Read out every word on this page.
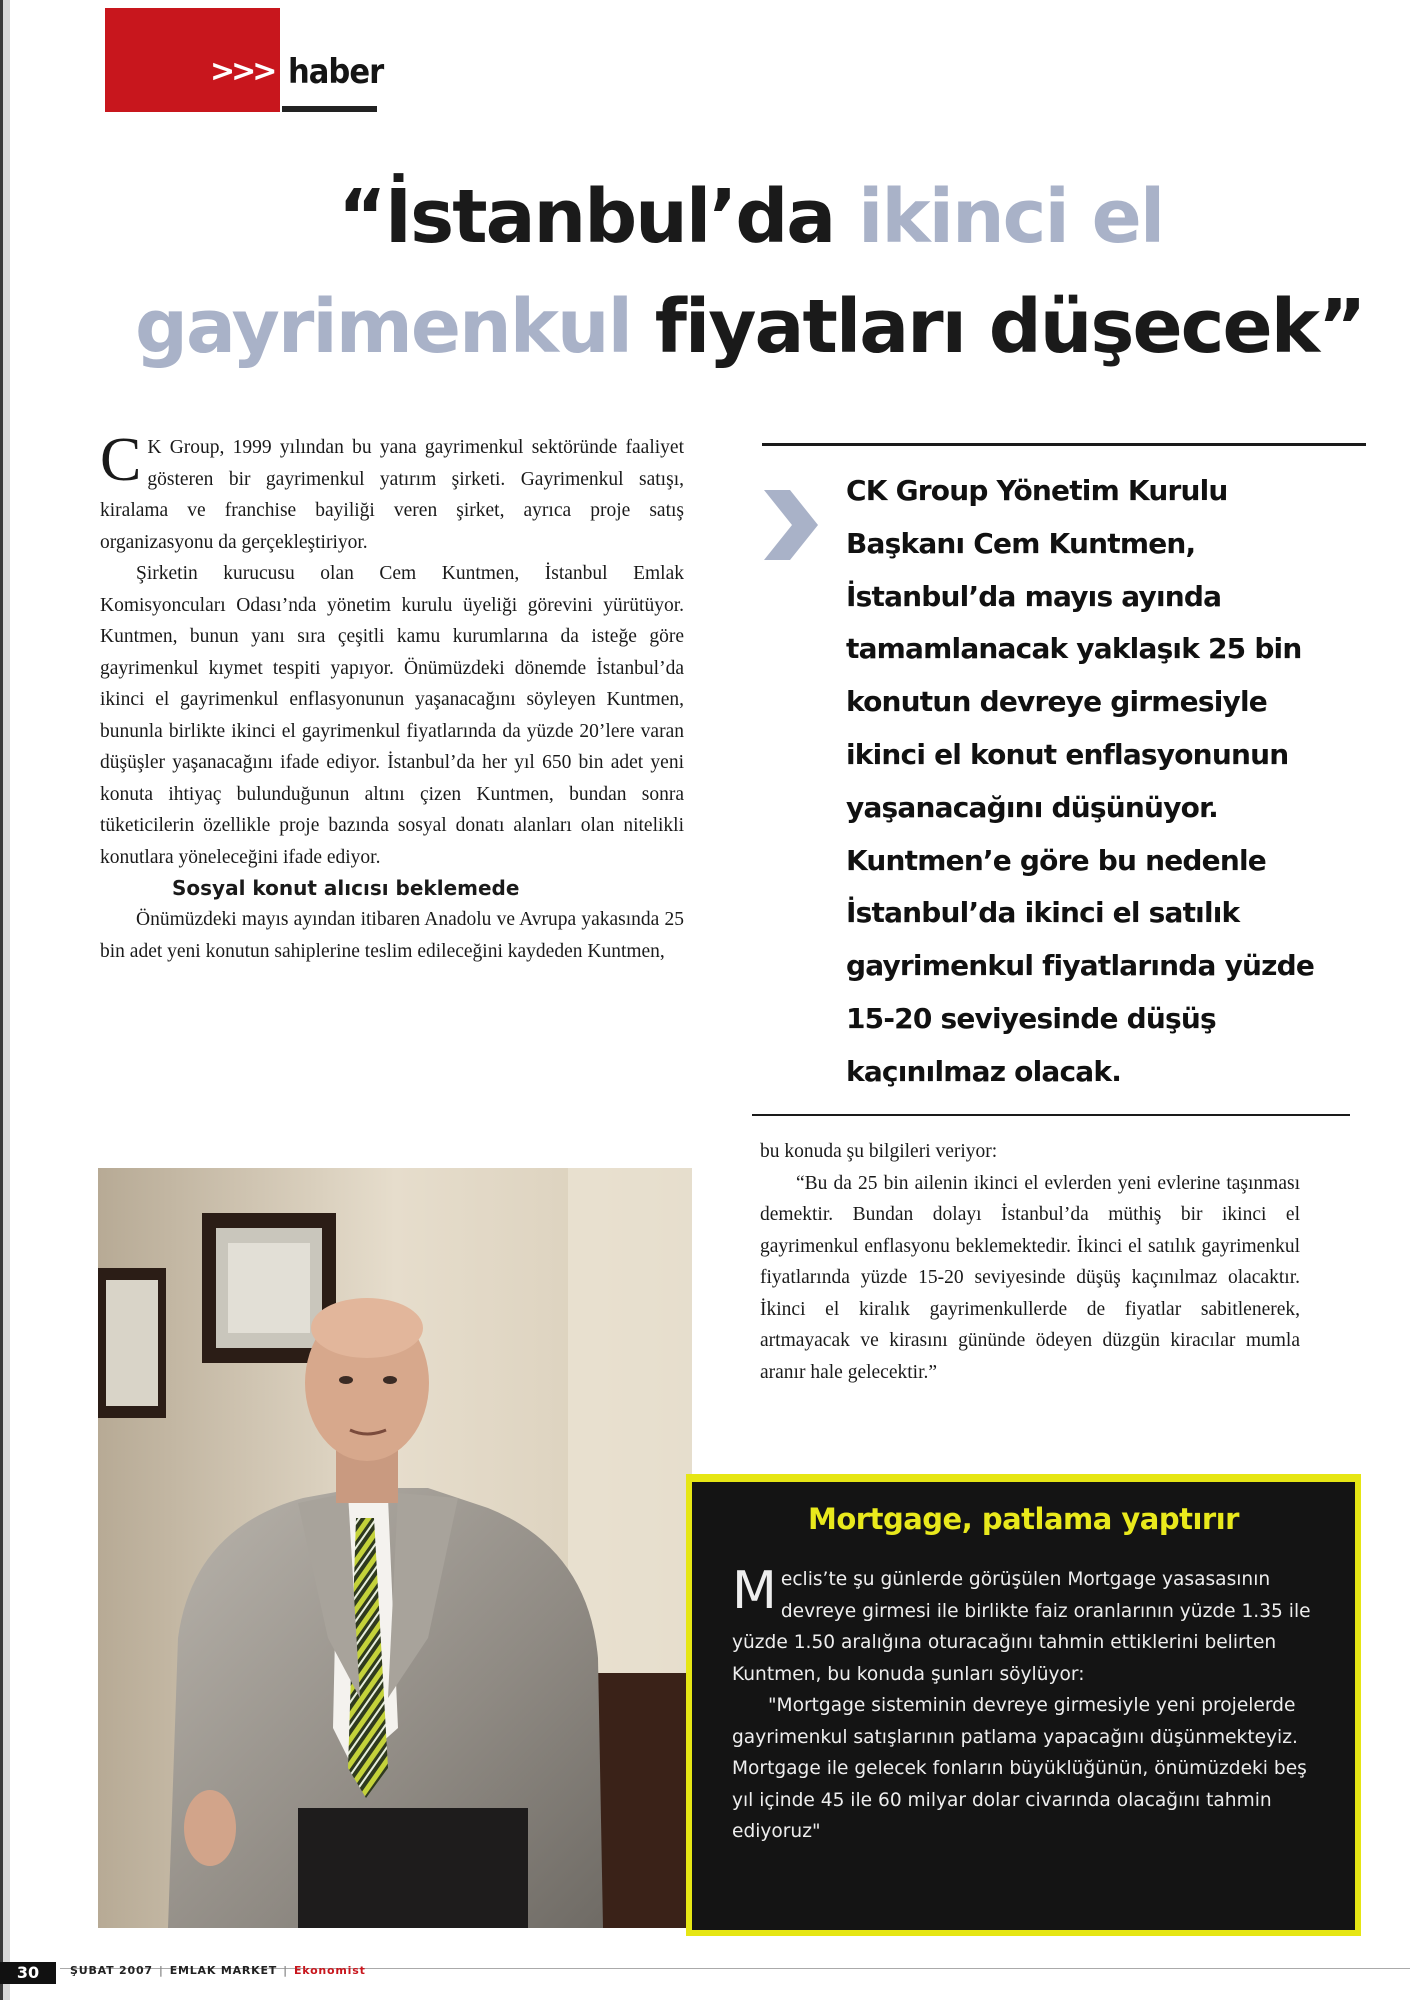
>>> haber
“İstanbul’da ikinci el
gayrimenkul fiyatları düşecek”

C K Group, 1999 yılından bu yana gayrimenkul sektöründe faaliyet gösteren bir gayrimenkul yatırım şirketi. Gayrimenkul satışı, kiralama ve franchise bayiliği veren şirket, ayrıca proje satış organizasyonu da gerçekleştiriyor.

Şirketin kurucusu olan Cem Kuntmen, İstanbul Emlak Komisyoncuları Odası’nda yönetim kurulu üyeliği görevini yürütüyor. Kuntmen, bunun yanı sıra çeşitli kamu kurumlarına da isteğe göre gayrimenkul kıymet tespiti yapıyor. Önümüzdeki dönemde İstanbul’da ikinci el gayrimenkul enflasyonunun yaşanacağını söyleyen Kuntmen, bununla birlikte ikinci el gayrimenkul fiyatlarında da yüzde 20’lere varan düşüşler yaşanacağını ifade ediyor. İstanbul’da her yıl 650 bin adet yeni konuta ihtiyaç bulunduğunun altını çizen Kuntmen, bundan sonra tüketicilerin özellikle proje bazında sosyal donatı alanları olan nitelikli konutlara yöneleceğini ifade ediyor.

Sosyal konut alıcısı beklemede

Önümüzdeki mayıs ayından itibaren Anadolu ve Avrupa yakasında 25 bin adet yeni konutun sahiplerine teslim edileceğini kaydeden Kuntmen,

CK Group Yönetim Kurulu
Başkanı Cem Kuntmen,
İstanbul’da mayıs ayında
tamamlanacak yaklaşık 25 bin
konutun devreye girmesiyle
ikinci el konut enflasyonunun
yaşanacağını düşünüyor.
Kuntmen’e göre bu nedenle
İstanbul’da ikinci el satılık
gayrimenkul fiyatlarında yüzde
15-20 seviyesinde düşüş
kaçınılmaz olacak.

bu konuda şu bilgileri veriyor:

“Bu da 25 bin ailenin ikinci el evlerden yeni evlerine taşınması demektir. Bundan dolayı İstanbul’da müthiş bir ikinci el gayrimenkul enflasyonu beklemektedir. İkinci el satılık gayrimenkul fiyatlarında yüzde 15-20 seviyesinde düşüş kaçınılmaz olacaktır. İkinci el kiralık gayrimenkullerde de fiyatlar sabitlenerek, artmayacak ve kirasını gününde ödeyen düzgün kiracılar mumla aranır hale gelecektir.”

Mortgage, patlama yaptırır

Meclis’te şu günlerde görüşülen Mortgage yasasasının devreye girmesi ile birlikte faiz oranlarının yüzde 1.35 ile yüzde 1.50 aralığına oturacağını tahmin ettiklerini belirten Kuntmen, bu konuda şunları söylüyor:

"Mortgage sisteminin devreye girmesiyle yeni projelerde gayrimenkul satışlarının patlama yapacağını düşünmekteyiz. Mortgage ile gelecek fonların büyüklüğünün, önümüzdeki beş yıl içinde 45 ile 60 milyar dolar civarında olacağını tahmin ediyoruz"

30	ŞUBAT 2007 | EMLAK MARKET | Ekonomist
